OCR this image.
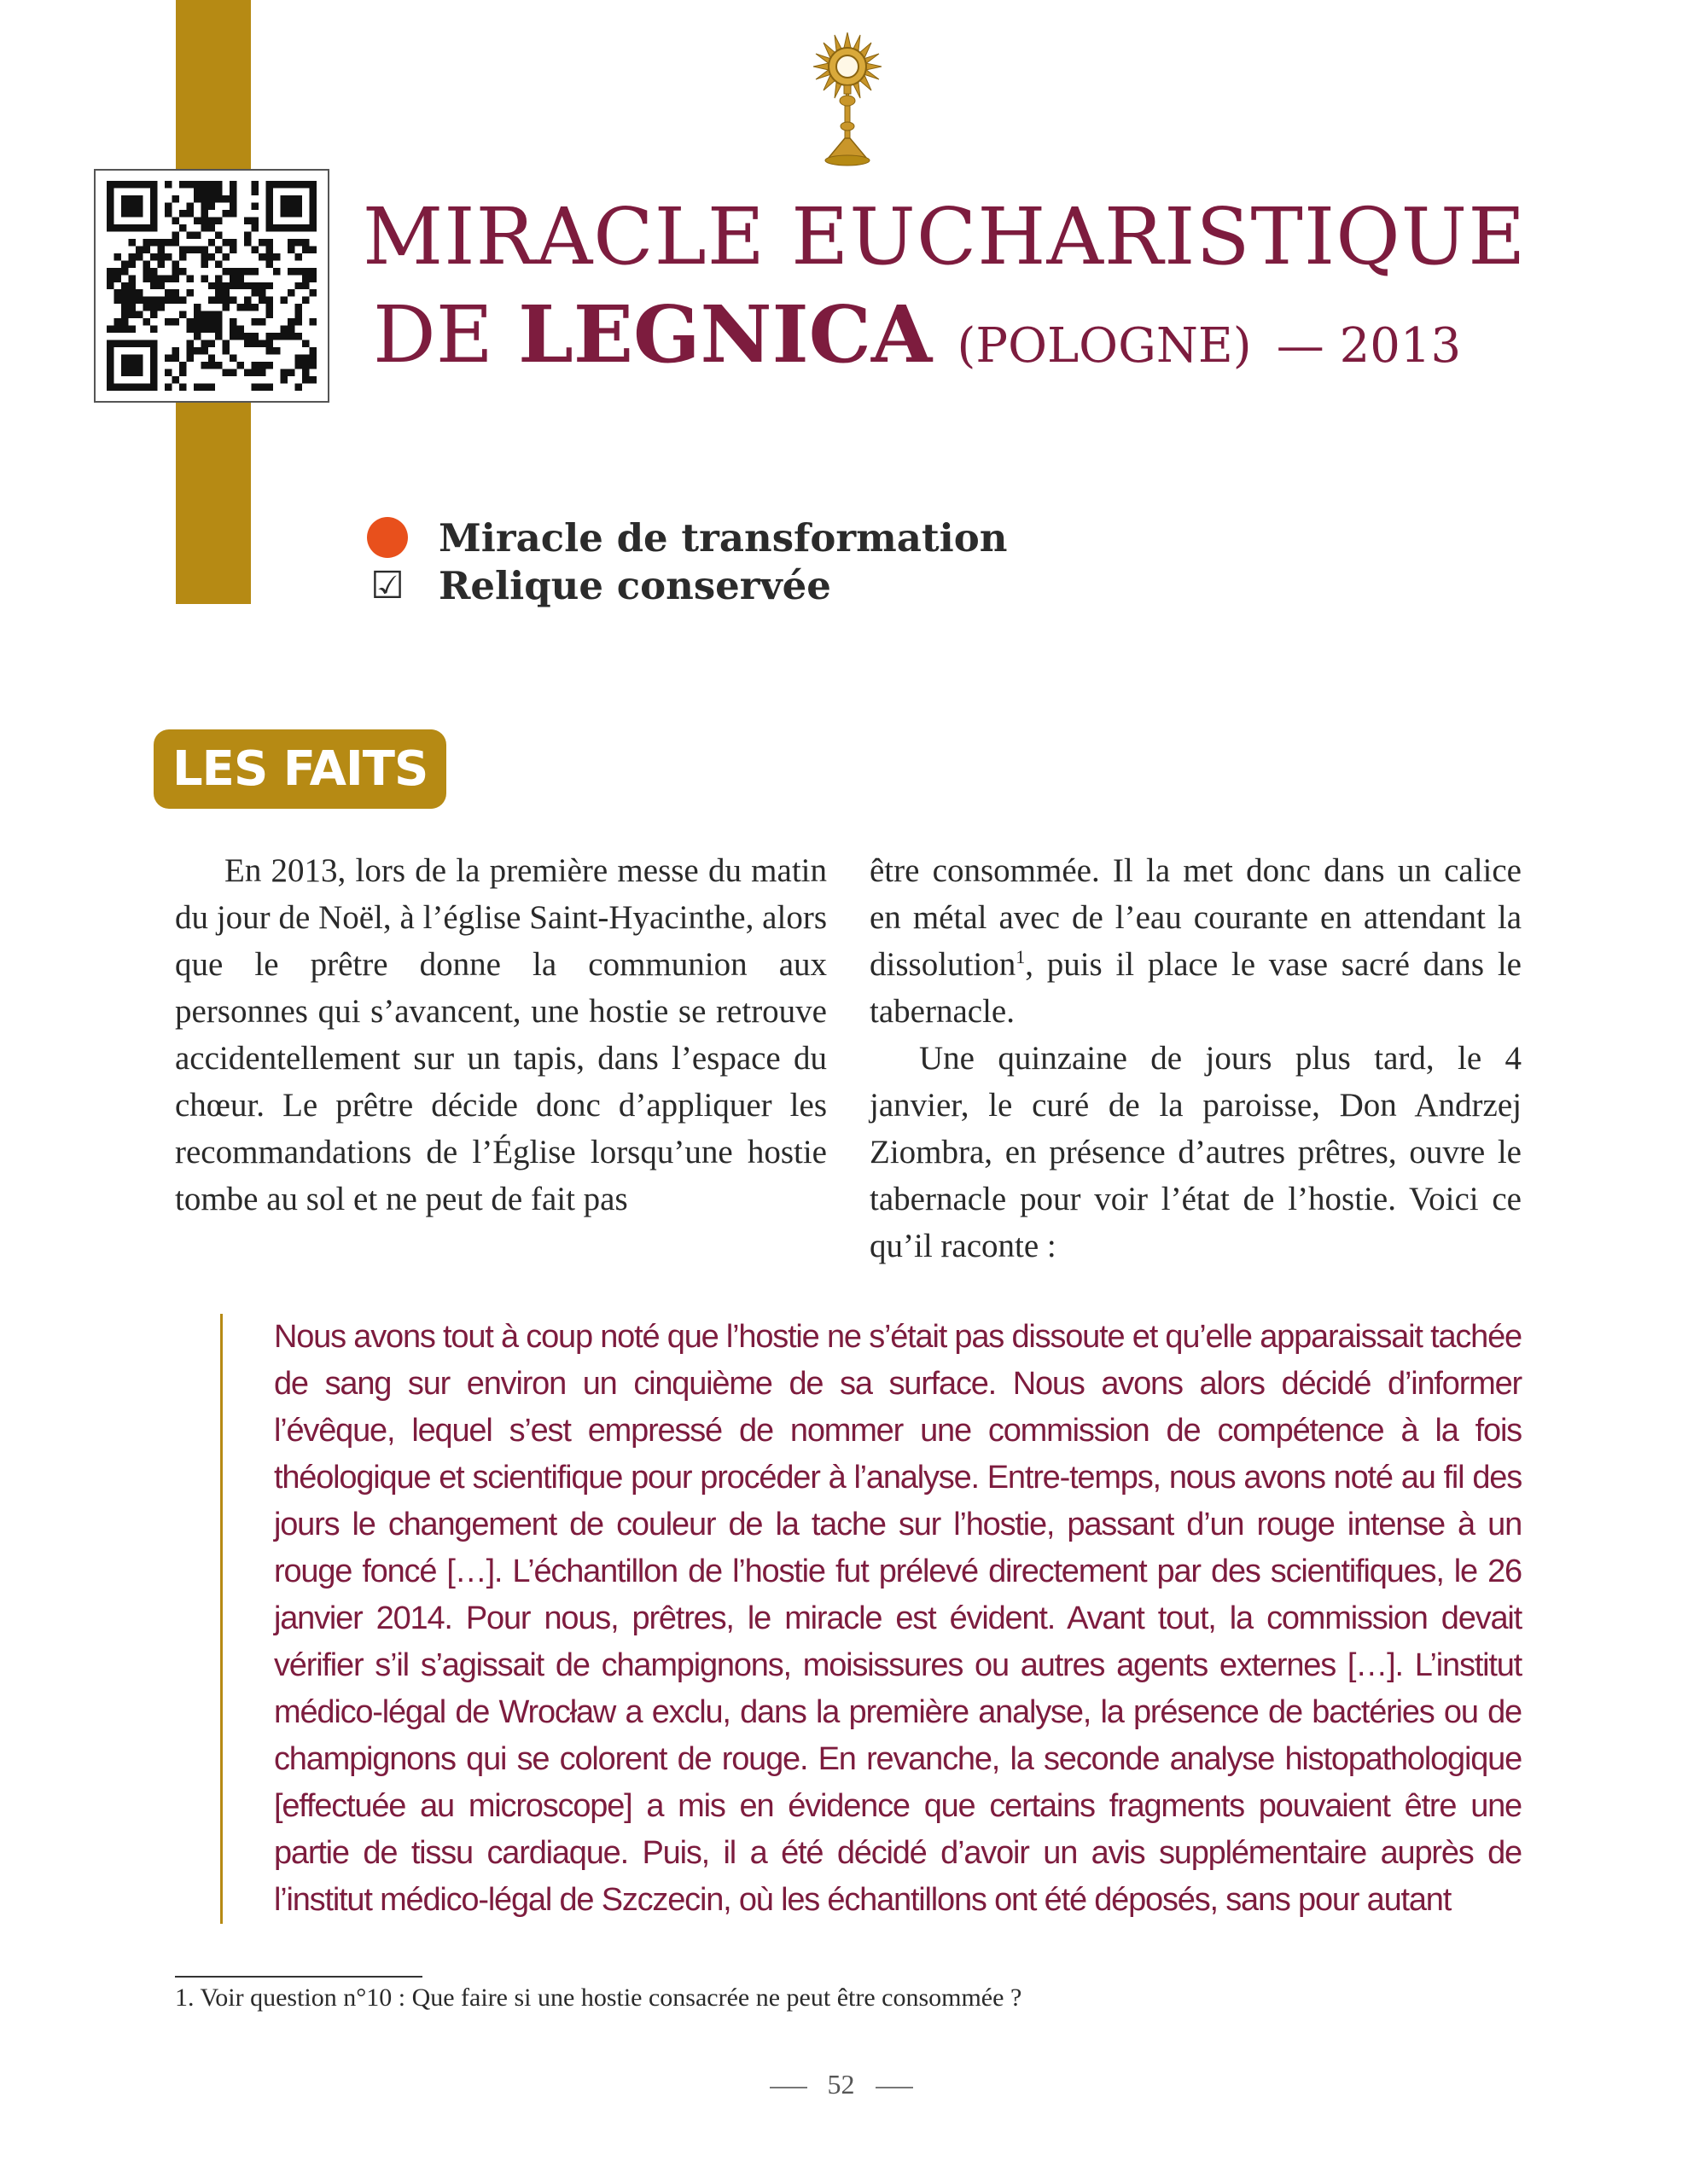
MIRACLE EUCHARISTIQUE
DE LEGNICA (POLOGNE) — 2013
Miracle de transformation
☑ Relique conservée
LES FAITS

En 2013, lors de la première messe du matin du jour de Noël, à l’église Saint-Hyacinthe, alors que le prêtre donne la communion aux personnes qui s’avancent, une hostie se retrouve accidentellement sur un tapis, dans l’espace du chœur. Le prêtre décide donc d’appliquer les recommandations de l’Église lorsqu’une hostie tombe au sol et ne peut de fait pas

être consommée. Il la met donc dans un calice en métal avec de l’eau courante en attendant la dissolution$^1$, puis il place le vase sacré dans le tabernacle.

Une quinzaine de jours plus tard, le 4 janvier, le curé de la paroisse, Don Andrzej Ziombra, en présence d’autres prêtres, ouvre le tabernacle pour voir l’état de l’hostie. Voici ce qu’il raconte :

Nous avons tout à coup noté que l’hostie ne s’était pas dissoute et qu’elle apparaissait tachée de sang sur environ un cinquième de sa surface. Nous avons alors décidé d’informer l’évêque, lequel s’est empressé de nommer une commission de compétence à la fois théologique et scientifique pour procéder à l’analyse. Entre-temps, nous avons noté au fil des jours le changement de couleur de la tache sur l’hostie, passant d’un rouge intense à un rouge foncé […]. L’échantillon de l’hostie fut prélevé directement par des scientifiques, le 26 janvier 2014. Pour nous, prêtres, le miracle est évident. Avant tout, la commission devait vérifier s’il s’agissait de champignons, moisissures ou autres agents externes […]. L’institut médico-légal de Wrocław a exclu, dans la première analyse, la présence de bactéries ou de champignons qui se colorent de rouge. En revanche, la seconde analyse histopathologique [effectuée au microscope] a mis en évidence que certains fragments pouvaient être une partie de tissu cardiaque. Puis, il a été décidé d’avoir un avis supplémentaire auprès de l’institut médico-légal de Szczecin, où les échantillons ont été déposés, sans pour autant

1. Voir question n°10 : Que faire si une hostie consacrée ne peut être consommée ?
52
